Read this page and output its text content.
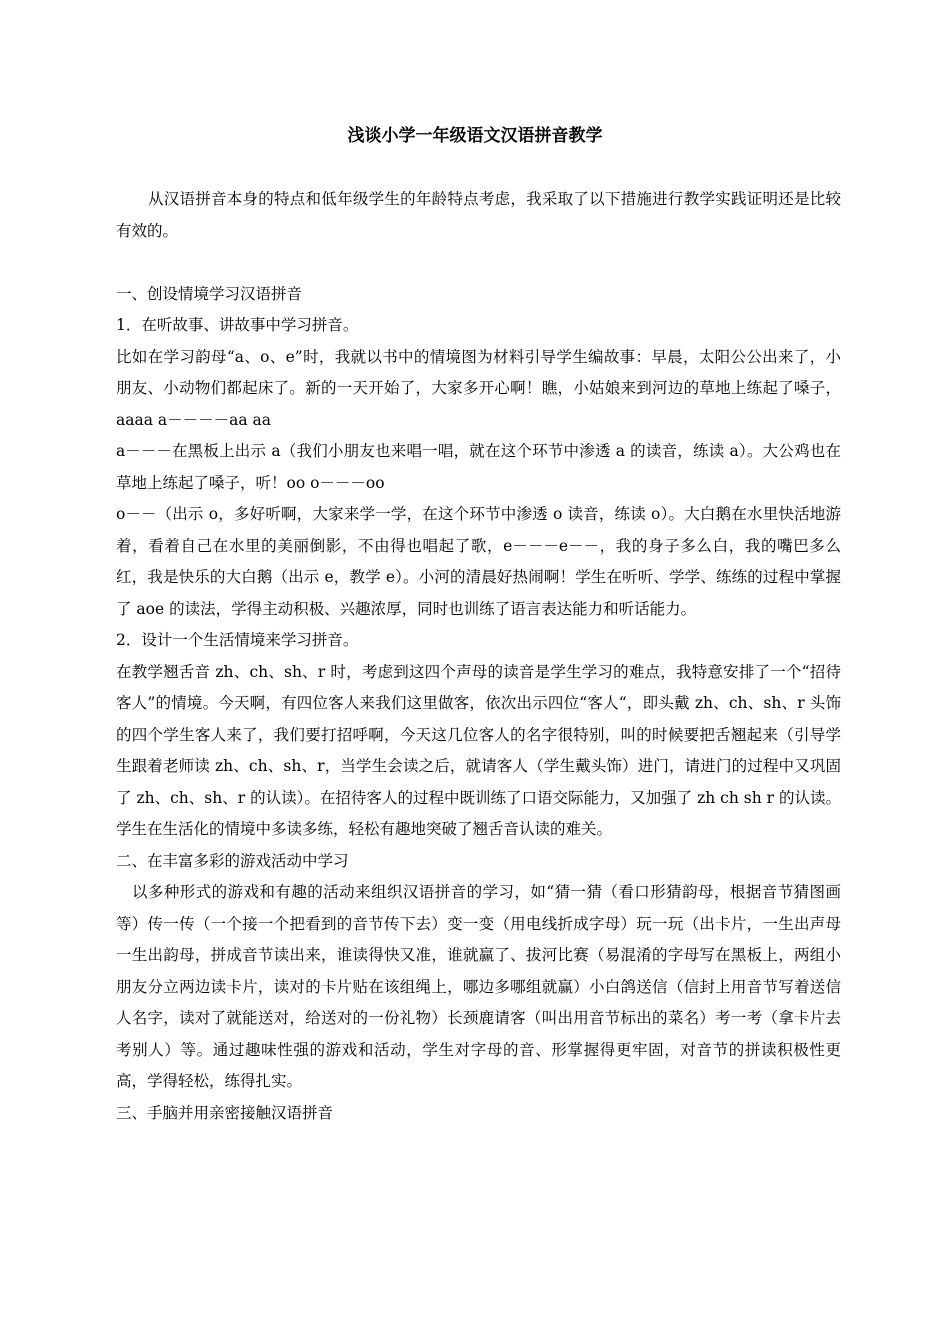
浅谈小学一年级语文汉语拼音教学

从汉语拼音本身的特点和低年级学生的年龄特点考虑，我采取了以下措施进行教学实践证明还是比较有效的。

一、创设情境学习汉语拼音

1．在听故事、讲故事中学习拼音。

比如在学习韵母“a、o、e”时，我就以书中的情境图为材料引导学生编故事：早晨，太阳公公出来了，小朋友、小动物们都起床了。新的一天开始了，大家多开心啊！瞧，小姑娘来到河边的草地上练起了嗓子，aaaa a－－－－aa aa

a－－－在黑板上出示 a（我们小朋友也来唱一唱，就在这个环节中渗透 a 的读音，练读 a）。大公鸡也在草地上练起了嗓子，听！oo o－－－oo

o－－（出示 o，多好听啊，大家来学一学，在这个环节中渗透 o 读音，练读 o）。大白鹅在水里快活地游着，看着自己在水里的美丽倒影，不由得也唱起了歌，e－－－e－－，我的身子多么白，我的嘴巴多么红，我是快乐的大白鹅（出示 e，教学 e）。小河的清晨好热闹啊！学生在听听、学学、练练的过程中掌握了 aoe 的读法，学得主动积极、兴趣浓厚，同时也训练了语言表达能力和听话能力。

2．设计一个生活情境来学习拼音。

在教学翘舌音 zh、ch、sh、r 时，考虑到这四个声母的读音是学生学习的难点，我特意安排了一个“招待客人”的情境。今天啊，有四位客人来我们这里做客，依次出示四位“客人“，即头戴 zh、ch、sh、r 头饰的四个学生客人来了，我们要打招呼啊，今天这几位客人的名字很特别，叫的时候要把舌翘起来（引导学生跟着老师读 zh、ch、sh、r，当学生会读之后，就请客人（学生戴头饰）进门，请进门的过程中又巩固了 zh、ch、sh、r 的认读）。在招待客人的过程中既训练了口语交际能力，又加强了 zh ch sh r 的认读。学生在生活化的情境中多读多练，轻松有趣地突破了翘舌音认读的难关。

二、在丰富多彩的游戏活动中学习

以多种形式的游戏和有趣的活动来组织汉语拼音的学习，如“猜一猜（看口形猜韵母，根据音节猜图画等）传一传（一个接一个把看到的音节传下去）变一变（用电线折成字母）玩一玩（出卡片，一生出声母一生出韵母，拼成音节读出来，谁读得快又准，谁就赢了、拔河比赛（易混淆的字母写在黑板上，两组小朋友分立两边读卡片，读对的卡片贴在该组绳上，哪边多哪组就赢）小白鸽送信（信封上用音节写着送信人名字，读对了就能送对，给送对的一份礼物）长颈鹿请客（叫出用音节标出的菜名）考一考（拿卡片去考别人）等。通过趣味性强的游戏和活动，学生对字母的音、形掌握得更牢固，对音节的拼读积极性更高，学得轻松，练得扎实。

三、手脑并用亲密接触汉语拼音
